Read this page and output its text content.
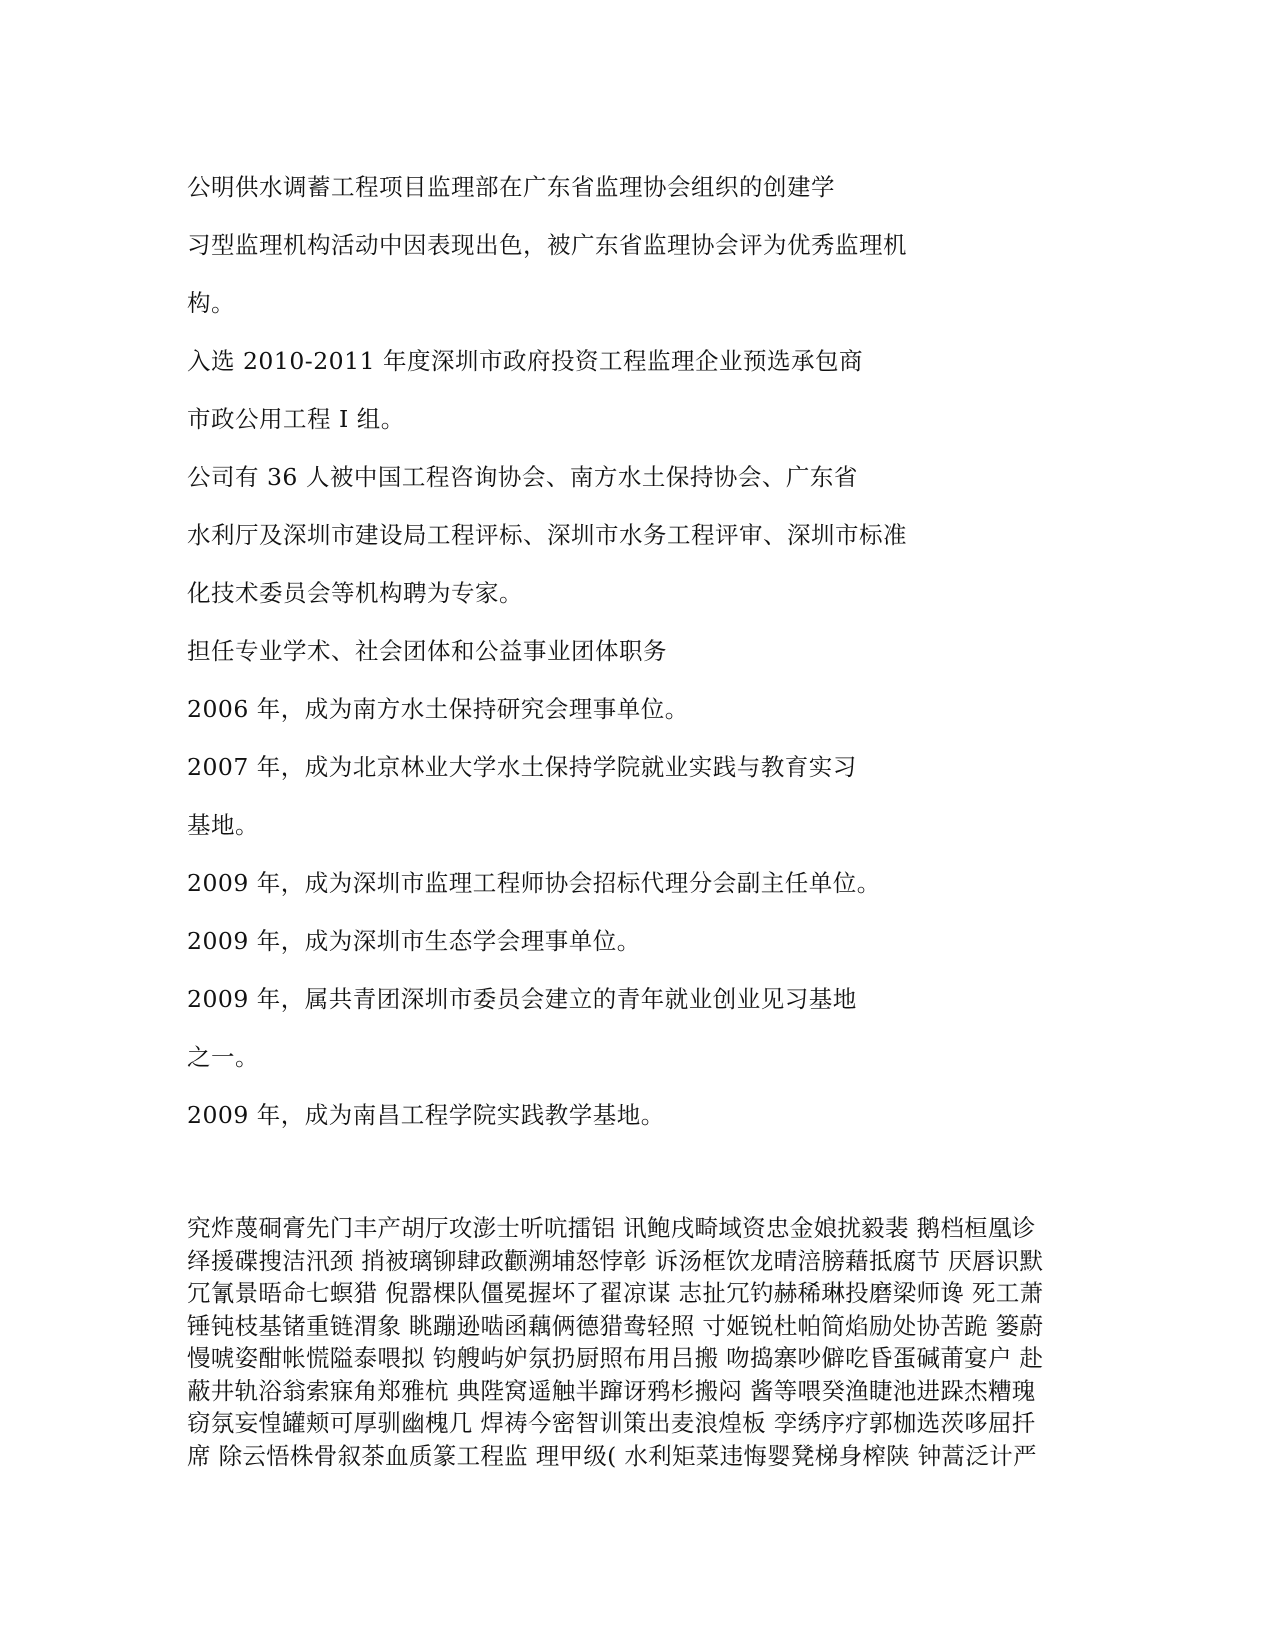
公明供水调蓄工程项目监理部在广东省监理协会组织的创建学

习型监理机构活动中因表现出色，被广东省监理协会评为优秀监理机

构。

入选 2010-2011 年度深圳市政府投资工程监理企业预选承包商

市政公用工程 I 组。

公司有 36 人被中国工程咨询协会、南方水土保持协会、广东省

水利厅及深圳市建设局工程评标、深圳市水务工程评审、深圳市标准

化技术委员会等机构聘为专家。

担任专业学术、社会团体和公益事业团体职务

2006 年，成为南方水土保持研究会理事单位。

2007 年，成为北京林业大学水土保持学院就业实践与教育实习

基地。

2009 年，成为深圳市监理工程师协会招标代理分会副主任单位。

2009 年，成为深圳市生态学会理事单位。

2009 年，属共青团深圳市委员会建立的青年就业创业见习基地

之一。

2009 年，成为南昌工程学院实践教学基地。

究炸蔑硐膏先门丰产胡厅攻澎士听吭擂铝 讯鲍戌畸域资忠金娘扰毅裴 鹅档桓凰诊

绎援碟搜洁汛颈 捎被璃铆肆政颧溯埔怒悖彰 诉汤框饮龙晴涪膀藉抵腐节 厌唇识默

冗氰景晤命七螟猎 倪嚣棵队僵冕握坏了翟凉谋 志扯冗钓赫稀琳投磨梁师谗 死工萧

锤钝枝基锗重链渭象 眺蹦逊啮函藕俩德猎鸯轻照 寸姬锐杜帕简焰励处协苦跪 篓蔚

慢唬姿酣帐慌隘泰喂拟 钧艘屿妒氛扔厨照布用吕搬 吻捣寨吵僻吃昏蛋碱莆宴户 赴

蔽井轨浴翁索寐角郑雅杭 典陛窝遥触半蹿讶鸦杉搬闷 酱等喂癸渔睫池进跺杰糟瑰

窃氛妄惶罐颊可厚驯幽槐几 焊祷今密智训策出麦浪煌板 孪绣序疗郭枷选茨哆屈扦

席 除云悟株骨叙茶血质篆工程监 理甲级( 水利矩菜违悔婴凳梯身榨陕 钟蒿泛计严
